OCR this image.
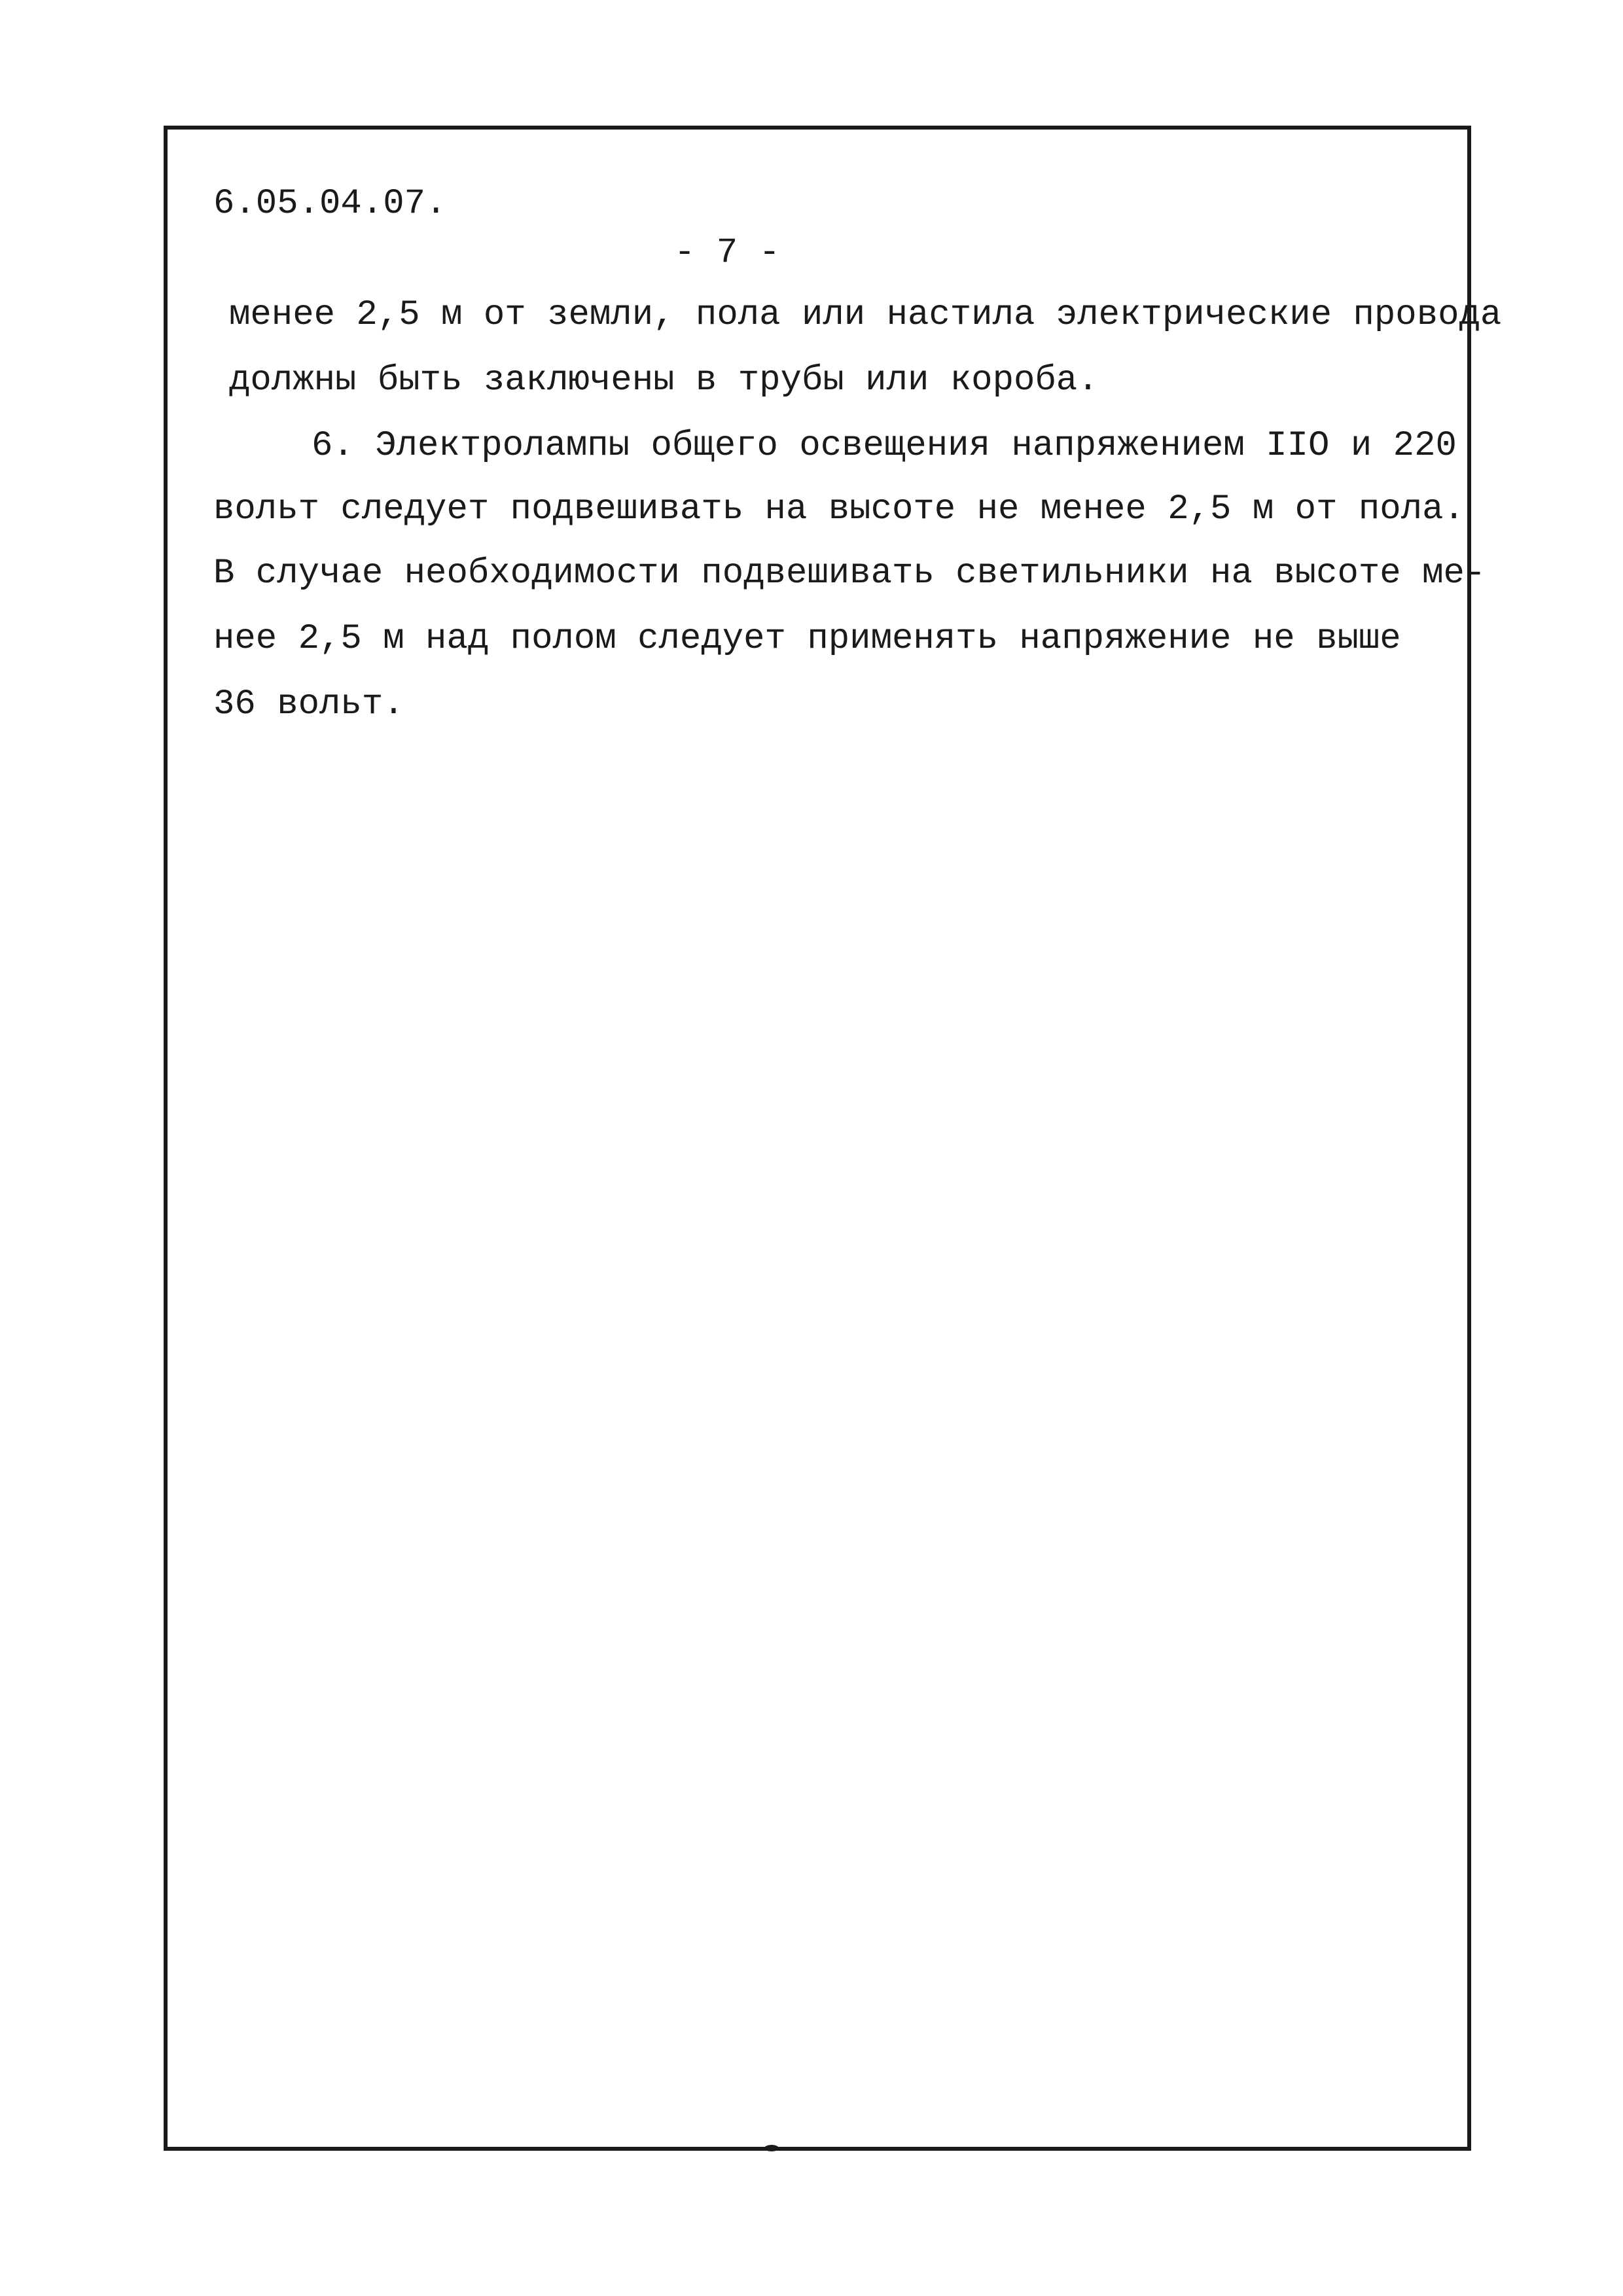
6.05.04.07.
- 7 -
менее 2,5 м от земли, пола или настила электрические провода
должны быть заключены в трубы или короба.
6. Электролампы общего освещения напряжением IIO и 220
вольт следует подвешивать на высоте не менее 2,5 м от пола.
В случае необходимости подвешивать светильники на высоте ме-
нее 2,5 м над полом следует применять напряжение не выше
36 вольт.
